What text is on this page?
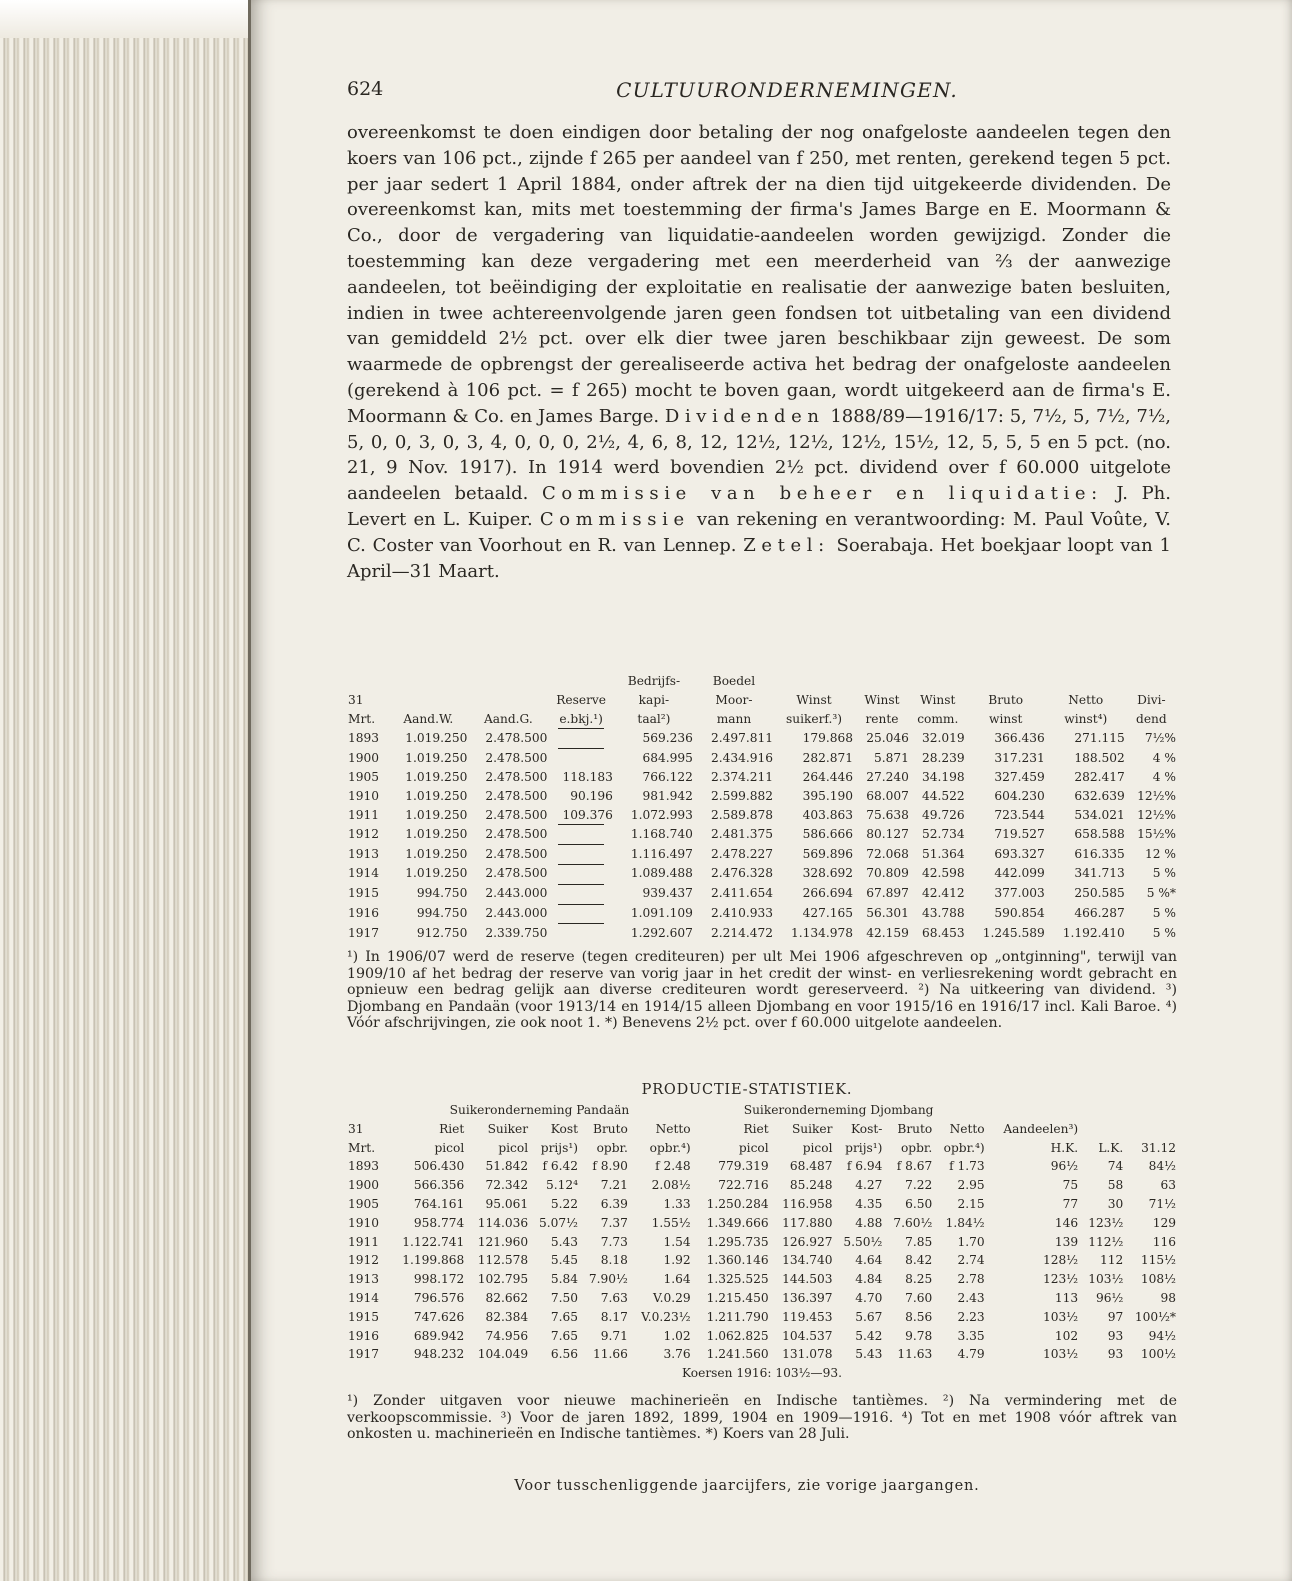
624	CULTUURONDERNEMINGEN.

overeenkomst te doen eindigen door betaling der nog onafgeloste aandeelen tegen den koers van 106 pct., zijnde f 265 per aandeel van f 250, met renten, gerekend tegen 5 pct. per jaar sedert 1 April 1884, onder aftrek der na dien tijd uitgekeerde dividenden. De overeenkomst kan, mits met toestemming der firma's James Barge en E. Moormann & Co., door de vergadering van liquidatie-aandeelen worden gewijzigd. Zonder die toestemming kan deze vergadering met een meerderheid van ⅔ der aanwezige aandeelen, tot beëindiging der exploitatie en realisatie der aanwezige baten besluiten, indien in twee achtereenvolgende jaren geen fondsen tot uitbetaling van een dividend van gemiddeld 2½ pct. over elk dier twee jaren beschikbaar zijn geweest. De som waarmede de opbrengst der gerealiseerde activa het bedrag der onafgeloste aandeelen (gerekend à 106 pct. = f 265) mocht te boven gaan, wordt uitgekeerd aan de firma's E. Moormann & Co. en James Barge. Dividenden 1888/89—1916/17: 5, 7½, 5, 7½, 7½, 5, 0, 0, 3, 0, 3, 4, 0, 0, 0, 2½, 4, 6, 8, 12, 12½, 12½, 12½, 15½, 12, 5, 5, 5 en 5 pct. (no. 21, 9 Nov. 1917). In 1914 werd bovendien 2½ pct. dividend over f 60.000 uitgelote aandeelen betaald. Commissie van beheer en liquidatie: J. Ph. Levert en L. Kuiper. Commissie van rekening en verantwoording: M. Paul Voûte, V. C. Coster van Voorhout en R. van Lennep. Zetel: Soerabaja. Het boekjaar loopt van 1 April—31 Maart.

				Bedrijfs-	Boedel						
31			Reserve	kapi-	Moor-	Winst	Winst	Winst	Bruto	Netto	Divi-
Mrt.	Aand.W.	Aand.G.	e.bkj.¹)	taal²)	mann	suikerf.³)	rente	comm.	winst	winst⁴)	dend
1893	1.019.250	2.478.500		569.236	2.497.811	179.868	25.046	32.019	366.436	271.115	7½%
1900	1.019.250	2.478.500		684.995	2.434.916	282.871	5.871	28.239	317.231	188.502	4 %
1905	1.019.250	2.478.500	118.183	766.122	2.374.211	264.446	27.240	34.198	327.459	282.417	4 %
1910	1.019.250	2.478.500	90.196	981.942	2.599.882	395.190	68.007	44.522	604.230	632.639	12½%
1911	1.019.250	2.478.500	109.376	1.072.993	2.589.878	403.863	75.638	49.726	723.544	534.021	12½%
1912	1.019.250	2.478.500		1.168.740	2.481.375	586.666	80.127	52.734	719.527	658.588	15½%
1913	1.019.250	2.478.500		1.116.497	2.478.227	569.896	72.068	51.364	693.327	616.335	12 %
1914	1.019.250	2.478.500		1.089.488	2.476.328	328.692	70.809	42.598	442.099	341.713	5 %
1915	994.750	2.443.000		939.437	2.411.654	266.694	67.897	42.412	377.003	250.585	5 %*
1916	994.750	2.443.000		1.091.109	2.410.933	427.165	56.301	43.788	590.854	466.287	5 %
1917	912.750	2.339.750		1.292.607	2.214.472	1.134.978	42.159	68.453	1.245.589	1.192.410	5 %

¹) In 1906/07 werd de reserve (tegen crediteuren) per ult Mei 1906 afgeschreven op „ontginning", terwijl van 1909/10 af het bedrag der reserve van vorig jaar in het credit der winst- en verliesrekening wordt gebracht en opnieuw een bedrag gelijk aan diverse crediteuren wordt gereserveerd. ²) Na uitkeering van dividend. ³) Djombang en Pandaän (voor 1913/14 en 1914/15 alleen Djombang en voor 1915/16 en 1916/17 incl. Kali Baroe. ⁴) Vóór afschrijvingen, zie ook noot 1. *) Benevens 2½ pct. over f 60.000 uitgelote aandeelen.

PRODUCTIE-STATISTIEK.
	Suikeronderneming Pandaän					Suikeronderneming Djombang							
31	Riet	Suiker	Kost	Bruto	Netto	Riet	Suiker	Kost-	Bruto	Netto	Aandeelen³)		
Mrt.	picol	picol	prijs¹)	opbr.	opbr.⁴)	picol	picol	prijs¹)	opbr.	opbr.⁴)	H.K.	L.K.	31.12
1893	506.430	51.842	f 6.42	f 8.90	f 2.48	779.319	68.487	f 6.94	f 8.67	f 1.73	96½	74	84½
1900	566.356	72.342	5.12⁴	7.21	2.08½	722.716	85.248	4.27	7.22	2.95	75	58	63
1905	764.161	95.061	5.22	6.39	1.33	1.250.284	116.958	4.35	6.50	2.15	77	30	71½
1910	958.774	114.036	5.07½	7.37	1.55½	1.349.666	117.880	4.88	7.60½	1.84½	146	123½	129
1911	1.122.741	121.960	5.43	7.73	1.54	1.295.735	126.927	5.50½	7.85	1.70	139	112½	116
1912	1.199.868	112.578	5.45	8.18	1.92	1.360.146	134.740	4.64	8.42	2.74	128½	112	115½
1913	998.172	102.795	5.84	7.90½	1.64	1.325.525	144.503	4.84	8.25	2.78	123½	103½	108½
1914	796.576	82.662	7.50	7.63	V.0.29	1.215.450	136.397	4.70	7.60	2.43	113	96½	98
1915	747.626	82.384	7.65	8.17	V.0.23½	1.211.790	119.453	5.67	8.56	2.23	103½	97	100½*
1916	689.942	74.956	7.65	9.71	1.02	1.062.825	104.537	5.42	9.78	3.35	102	93	94½
1917	948.232	104.049	6.56	11.66	3.76	1.241.560	131.078	5.43	11.63	4.79	103½	93	100½
Koersen 1916: 103½—93.													

¹) Zonder uitgaven voor nieuwe machinerieën en Indische tantièmes. ²) Na vermindering met de verkoopscommissie. ³) Voor de jaren 1892, 1899, 1904 en 1909—1916. ⁴) Tot en met 1908 vóór aftrek van onkosten u. machinerieën en Indische tantièmes. *) Koers van 28 Juli.

Voor tusschenliggende jaarcijfers, zie vorige jaargangen.
